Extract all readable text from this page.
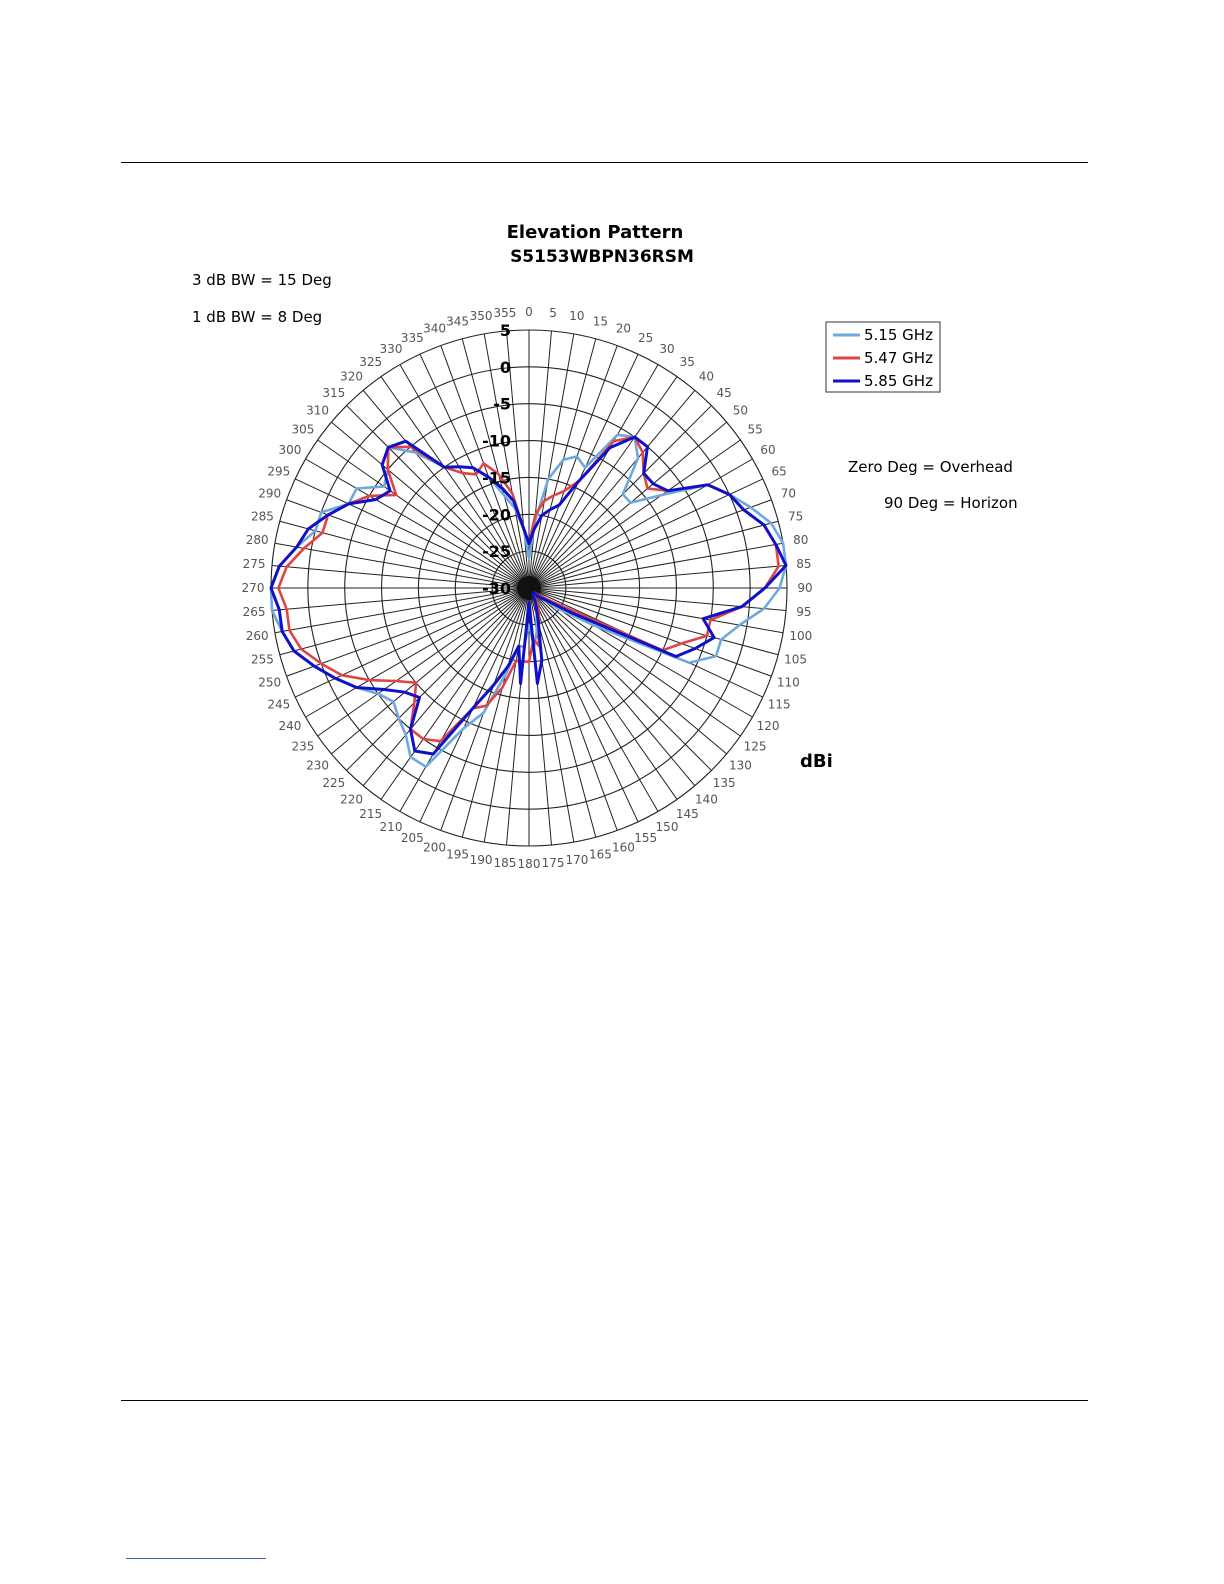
Elevation Pattern
S5153WBPN36RSM
3 dB BW = 15 Deg
1 dB BW = 8 Deg
Zero Deg = Overhead
90 Deg = Horizon
dBi
0 5 10 15
20
25
30
35
40
45
50
55
60
65
70
75
80
85
90
95
100
105
110
115
120
125
130
135
140
145
150
155
160
165
170
175
180
185
190
195
200
205
210
215
220
225
230
235
240
245
250
255
260
265
270
275
280
285
290
295
300
305
310
315
320
325
330
335
340
345 350 355
5
0
-5
-10
-15
-20
-25
-30
5.15 GHz
5.47 GHz
5.85 GHz
